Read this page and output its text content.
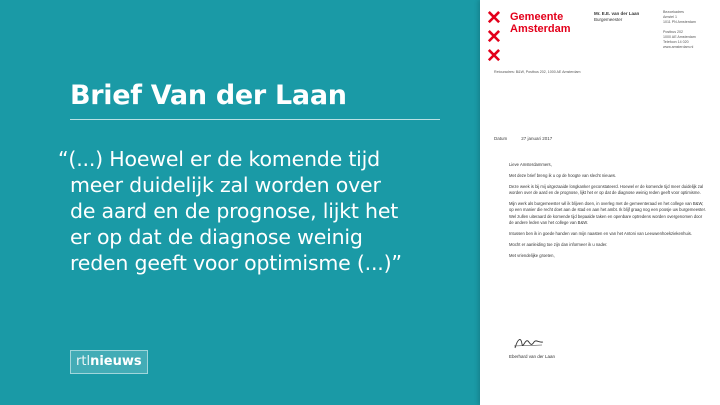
Brief Van der Laan
“(...) Hoewel er de komende tijd
meer duidelijk zal worden over
de aard en de prognose, lijkt het
er op dat de diagnose weinig
reden geeft voor optimisme (...)”
rtlnieuws
✕
✕
✕
Gemeente
Amsterdam
Mr. E.E. van der Laan
Burgemeester
Bezoekadres
Amstel 1
1011 PN Amsterdam
Postbus 202
1000 AE Amsterdam
Telefoon 14 020
www.amsterdam.nl
Retouradres: B&W, Postbus 202, 1000 AE Amsterdam
Datum	27 januari 2017

Lieve Amsterdammers,

Met deze brief breng ik u op de hoogte van slecht nieuws.

Deze week is bij mij uitgezaaide longkanker geconstateerd. Hoewel er de komende tijd meer duidelijk zal worden over de aard en de prognose, lijkt het er op dat de diagnose weinig reden geeft voor optimisme.

Mijn werk als burgemeester wil ik blijven doen, in overleg met de gemeenteraad en het college van B&W, op een manier die recht doet aan de stad en aan het ambt. Ik blijf graag nog een poosje uw burgemeester. Wel zullen uiteraard de komende tijd bepaalde taken en openbare optredens worden overgenomen door de andere leden van het college van B&W.

Intussen ben ik in goede handen van mijn naasten en van het Antoni van Leeuwenhoekziekenhuis.

Mocht er aanleiding toe zijn dan informeer ik u nader.

Met vriendelijke groeten,

Eberhard van der Laan
